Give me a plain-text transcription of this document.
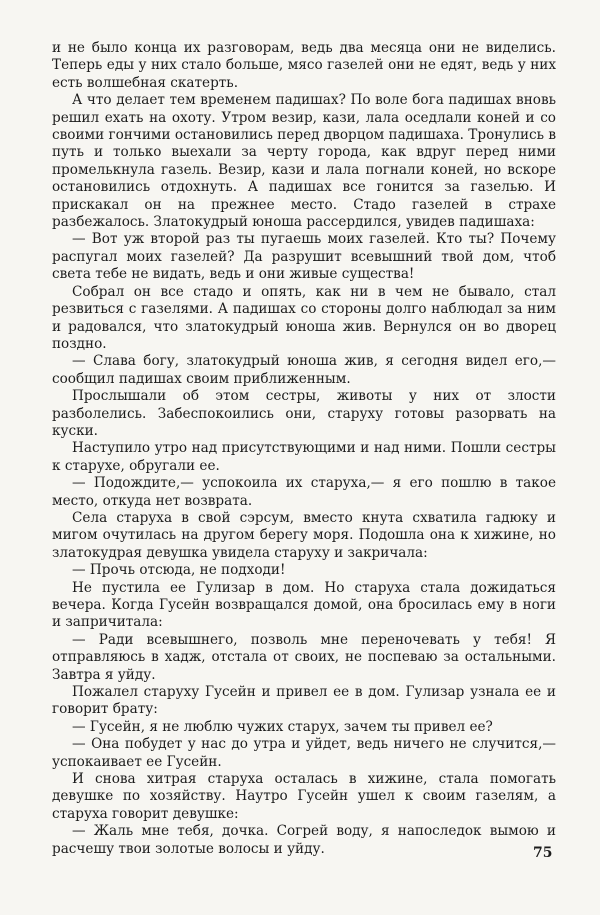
и не было конца их разговорам, ведь два месяца они не виделись. Теперь еды у них стало больше, мясо газелей они не едят, ведь у них есть волшебная скатерть.

А что делает тем временем падишах? По воле бога падишах вновь решил ехать на охоту. Утром везир, кази, лала оседлали коней и со своими гончими остановились перед дворцом падишаха. Тронулись в путь и только выехали за черту города, как вдруг перед ними промелькнула газель. Везир, кази и лала погнали коней, но вскоре остановились отдохнуть. А падишах все гонится за газелью. И прискакал он на прежнее место. Стадо газелей в страхе разбежалось. Златокудрый юноша рассердился, увидев падишаха:

— Вот уж второй раз ты пугаешь моих газелей. Кто ты? Почему распугал моих газелей? Да разрушит всевышний твой дом, чтоб света тебе не видать, ведь и они живые существа!

Собрал он все стадо и опять, как ни в чем не бывало, стал резвиться с газелями. А падишах со стороны долго наблюдал за ним и радовался, что златокудрый юноша жив. Вернулся он во дворец поздно.

— Слава богу, златокудрый юноша жив, я сегодня видел его,— сообщил падишах своим приближенным.

Прослышали об этом сестры, животы у них от злости разболелись. Забеспокоились они, старуху готовы разорвать на куски.

Наступило утро над присутствующими и над ними. Пошли сестры к старухе, обругали ее.

— Подождите,— успокоила их старуха,— я его пошлю в такое место, откуда нет возврата.

Села старуха в свой сэрсум, вместо кнута схватила гадюку и мигом очутилась на другом берегу моря. Подошла она к хижине, но златокудрая девушка увидела старуху и закричала:

— Прочь отсюда, не подходи!

Не пустила ее Гулизар в дом. Но старуха стала дожидаться вечера. Когда Гусейн возвращался домой, она бросилась ему в ноги и запричитала:

— Ради всевышнего, позволь мне переночевать у тебя! Я отправляюсь в хадж, отстала от своих, не поспеваю за остальными. Завтра я уйду.

Пожалел старуху Гусейн и привел ее в дом. Гулизар узнала ее и говорит брату:

— Гусейн, я не люблю чужих старух, зачем ты привел ее?

— Она побудет у нас до утра и уйдет, ведь ничего не случится,— успокаивает ее Гусейн.

И снова хитрая старуха осталась в хижине, стала помогать девушке по хозяйству. Наутро Гусейн ушел к своим газелям, а старуха говорит девушке:

— Жаль мне тебя, дочка. Согрей воду, я напоследок вымою и расчешу твои золотые волосы и уйду.	75
